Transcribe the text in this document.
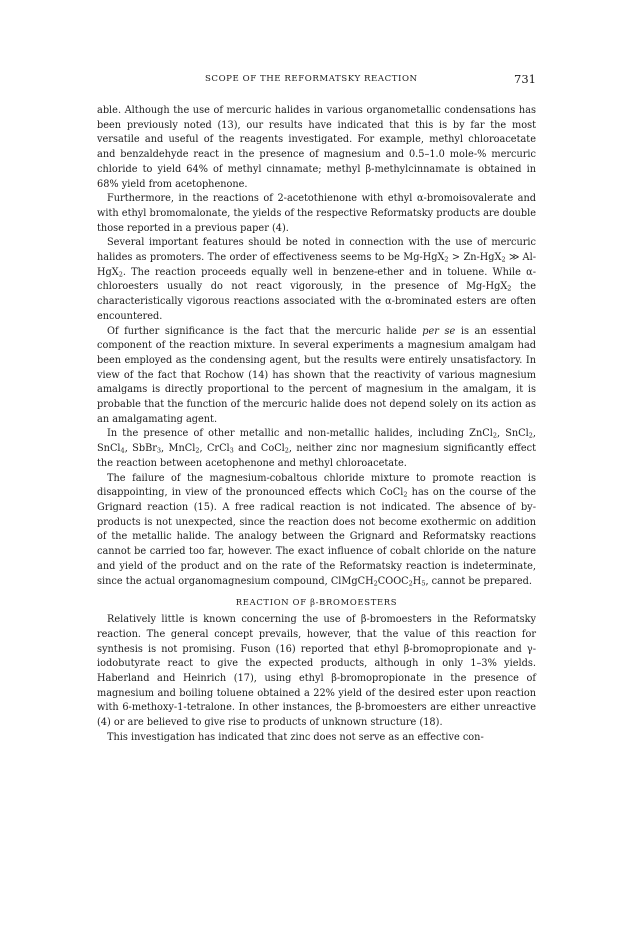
SCOPE OF THE REFORMATSKY REACTION	731

able. Although the use of mercuric halides in various organometallic condensations has been previously noted (13), our results have indicated that this is by far the most versatile and useful of the reagents investigated. For example, methyl chloroacetate and benzaldehyde react in the presence of magnesium and 0.5–1.0 mole-% mercuric chloride to yield 64% of methyl cinnamate; methyl β-methylcinnamate is obtained in 68% yield from acetophenone.

Furthermore, in the reactions of 2-acetothienone with ethyl α-bromoisovalerate and with ethyl bromomalonate, the yields of the respective Reformatsky products are double those reported in a previous paper (4).

Several important features should be noted in connection with the use of mercuric halides as promoters. The order of effectiveness seems to be Mg-HgX$_2$ > Zn-HgX$_2$ ≫ Al-HgX$_2$. The reaction proceeds equally well in benzene-ether and in toluene. While α-chloroesters usually do not react vigorously, in the presence of Mg-HgX$_2$ the characteristically vigorous reactions associated with the α-brominated esters are often encountered.

Of further significance is the fact that the mercuric halide per se is an essential component of the reaction mixture. In several experiments a magnesium amalgam had been employed as the condensing agent, but the results were entirely unsatisfactory. In view of the fact that Rochow (14) has shown that the reactivity of various magnesium amalgams is directly proportional to the percent of magnesium in the amalgam, it is probable that the function of the mercuric halide does not depend solely on its action as an amalgamating agent.

In the presence of other metallic and non-metallic halides, including ZnCl$_2$, SnCl$_2$, SnCl$_4$, SbBr$_3$, MnCl$_2$, CrCl$_3$ and CoCl$_2$, neither zinc nor magnesium significantly effect the reaction between acetophenone and methyl chloroacetate.

The failure of the magnesium-cobaltous chloride mixture to promote reaction is disappointing, in view of the pronounced effects which CoCl$_2$ has on the course of the Grignard reaction (15). A free radical reaction is not indicated. The absence of by-products is not unexpected, since the reaction does not become exothermic on addition of the metallic halide. The analogy between the Grignard and Reformatsky reactions cannot be carried too far, however. The exact influence of cobalt chloride on the nature and yield of the product and on the rate of the Reformatsky reaction is indeterminate, since the actual organomagnesium compound, $ClMgCH_2COOC_2H_5$, cannot be prepared.

REACTION OF β-BROMOESTERS

Relatively little is known concerning the use of β-bromoesters in the Reformatsky reaction. The general concept prevails, however, that the value of this reaction for synthesis is not promising. Fuson (16) reported that ethyl β-bromopropionate and γ-iodobutyrate react to give the expected products, although in only 1–3% yields. Haberland and Heinrich (17), using ethyl β-bromopropionate in the presence of magnesium and boiling toluene obtained a 22% yield of the desired ester upon reaction with 6-methoxy-1-tetralone. In other instances, the β-bromoesters are either unreactive (4) or are believed to give rise to products of unknown structure (18).

This investigation has indicated that zinc does not serve as an effective con-
